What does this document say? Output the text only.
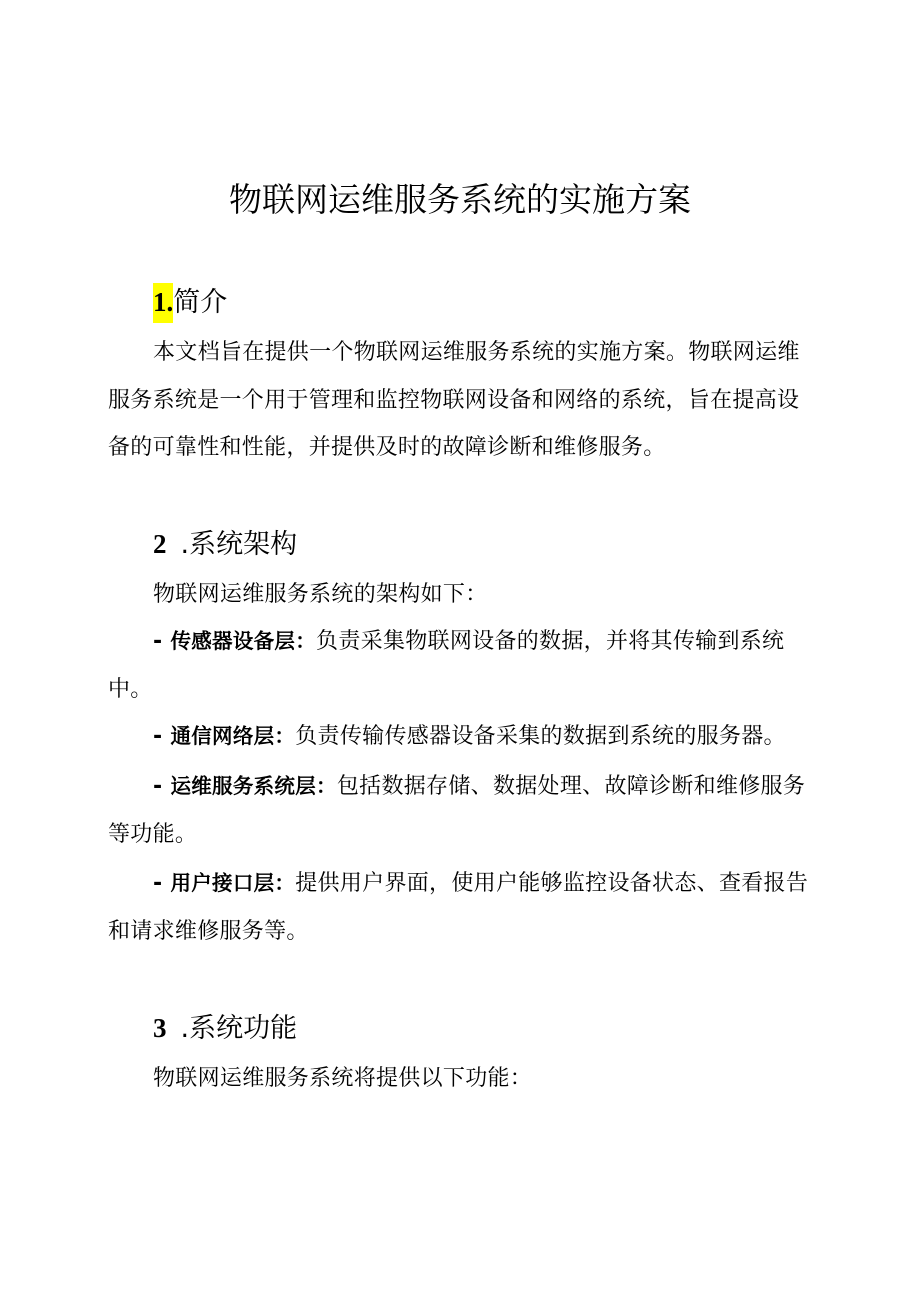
物联网运维服务系统的实施方案
1.简介
本文档旨在提供一个物联网运维服务系统的实施方案。物联网运维服务系统是一个用于管理和监控物联网设备和网络的系统，旨在提高设备的可靠性和性能，并提供及时的故障诊断和维修服务。
2 .系统架构
物联网运维服务系统的架构如下：
- 传感器设备层：负责采集物联网设备的数据，并将其传输到系统中。
- 通信网络层：负责传输传感器设备采集的数据到系统的服务器。
- 运维服务系统层：包括数据存储、数据处理、故障诊断和维修服务等功能。
- 用户接口层：提供用户界面，使用户能够监控设备状态、查看报告和请求维修服务等。
3 .系统功能
物联网运维服务系统将提供以下功能：
